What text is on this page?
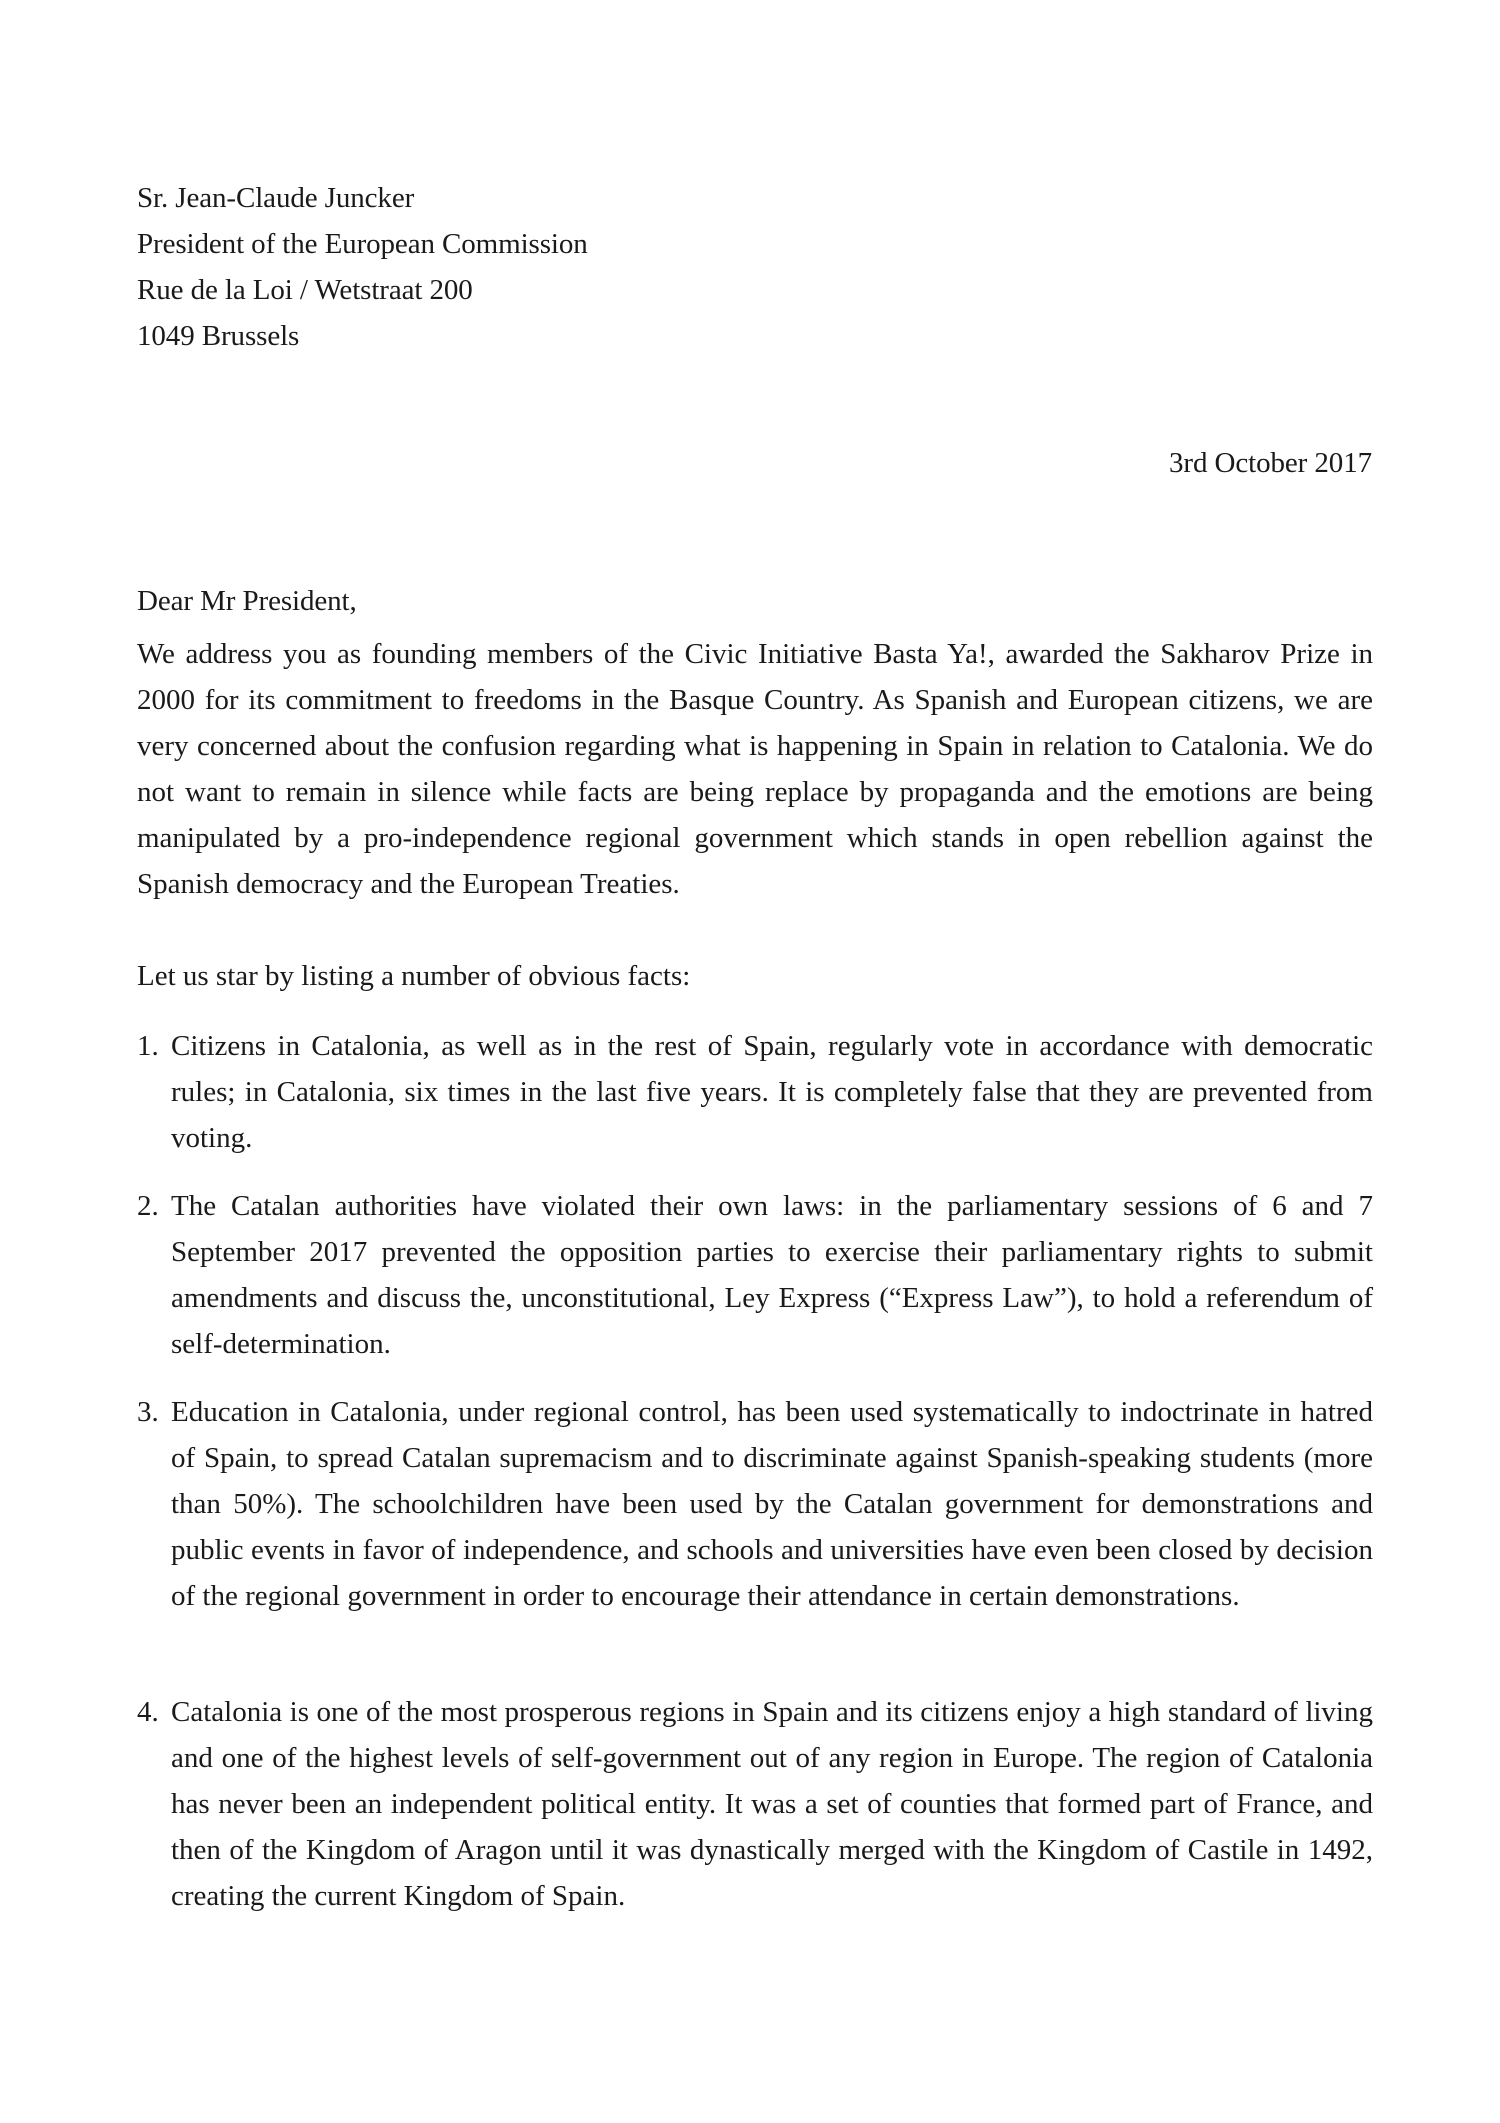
Sr. Jean-Claude Juncker
President of the European Commission
Rue de la Loi / Wetstraat 200
1049 Brussels
3rd October 2017
Dear Mr President,
We address you as founding members of the Civic Initiative Basta Ya!, awarded the Sakharov Prize in 2000 for its commitment to freedoms in the Basque Country. As Spanish and European citizens, we are very concerned about the confusion regarding what is happening in Spain in relation to Catalonia. We do not want to remain in silence while facts are being replace by propaganda and the emotions are being manipulated by a pro-independence regional government which stands in open rebellion against the Spanish democracy and the European Treaties.
Let us star by listing a number of obvious facts:
1. Citizens in Catalonia, as well as in the rest of Spain, regularly vote in accordance with democratic rules; in Catalonia, six times in the last five years. It is completely false that they are prevented from voting.
2. The Catalan authorities have violated their own laws: in the parliamentary sessions of 6 and 7 September 2017 prevented the opposition parties to exercise their parliamentary rights to submit amendments and discuss the, unconstitutional, Ley Express (“Express Law”), to hold a referendum of self-determination.
3. Education in Catalonia, under regional control, has been used systematically to indoctrinate in hatred of Spain, to spread Catalan supremacism and to discriminate against Spanish-speaking students (more than 50%). The schoolchildren have been used by the Catalan government for demonstrations and public events in favor of independence, and schools and universities have even been closed by decision of the regional government in order to encourage their attendance in certain demonstrations.
4. Catalonia is one of the most prosperous regions in Spain and its citizens enjoy a high standard of living and one of the highest levels of self-government out of any region in Europe. The region of Catalonia has never been an independent political entity. It was a set of counties that formed part of France, and then of the Kingdom of Aragon until it was dynastically merged with the Kingdom of Castile in 1492, creating the current Kingdom of Spain.
